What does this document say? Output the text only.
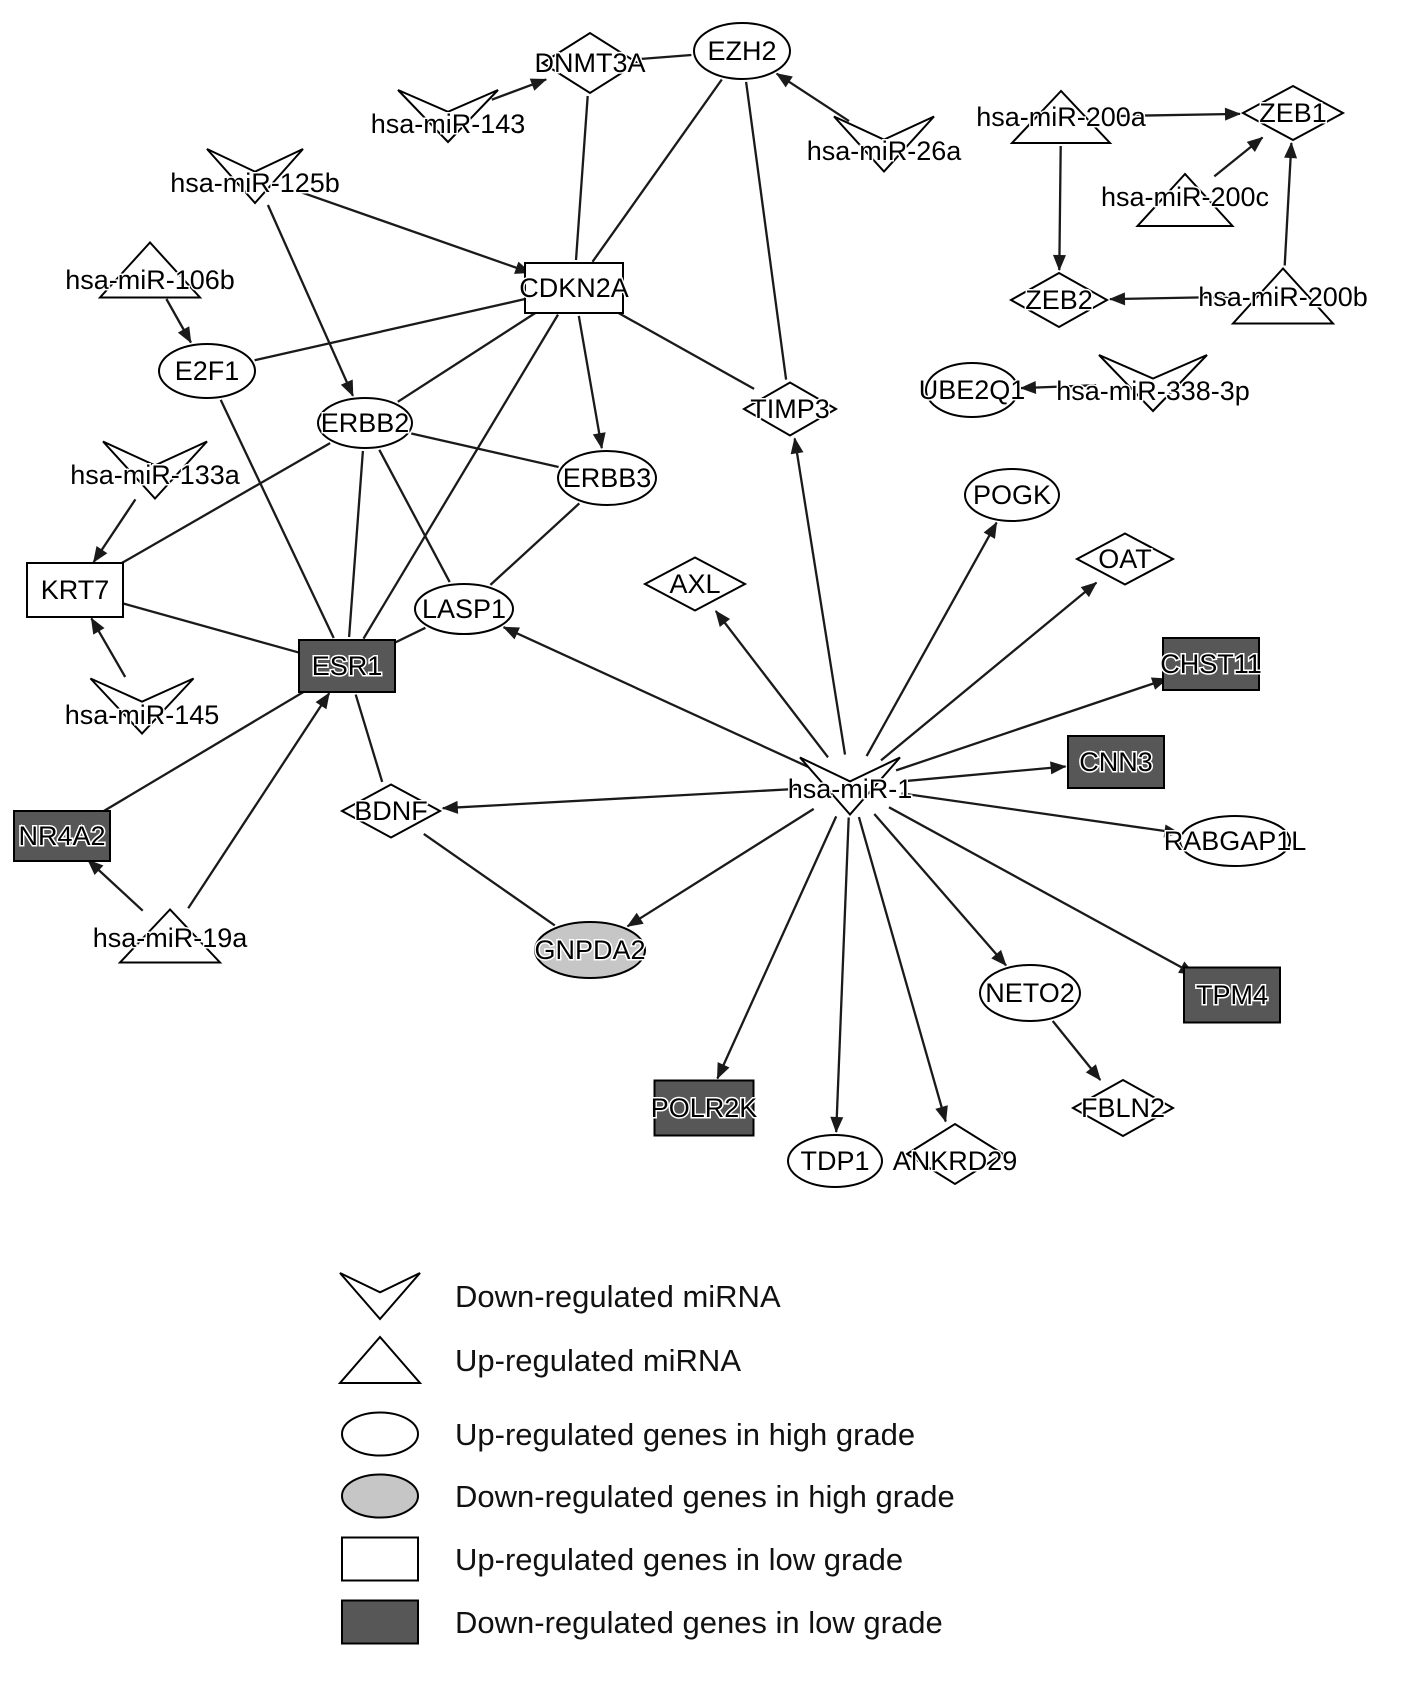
hsa-miR-143
DNMT3A EZH2
hsa-miR-26a
hsa-miR-200a	ZEB1
hsa-miR-200c
ZEB2	hsa-miR-200b
UBE2Q1 hsa-miR-338-3p
hsa-miR-125b
hsa-miR-106b	CDKN2A
E2F1
ERBB2
ERBB3
TIMP3
hsa-miR-133a
KRT7
LASP1
AXL
OAT
POGK
CHST11
ESR1
hsa-miR-145
CNN3
hsa-miR-1
BDNF
RABGAP1L
NR4A2
hsa-miR-19a	GNPDA2
NETO2	TPM4
POLR2K
TDP1 ANKRD29
FBLN2
Down-regulated miRNA
Up-regulated miRNA
Up-regulated genes in high grade
Down-regulated genes in high grade
Up-regulated genes in low grade
Down-regulated genes in low grade
